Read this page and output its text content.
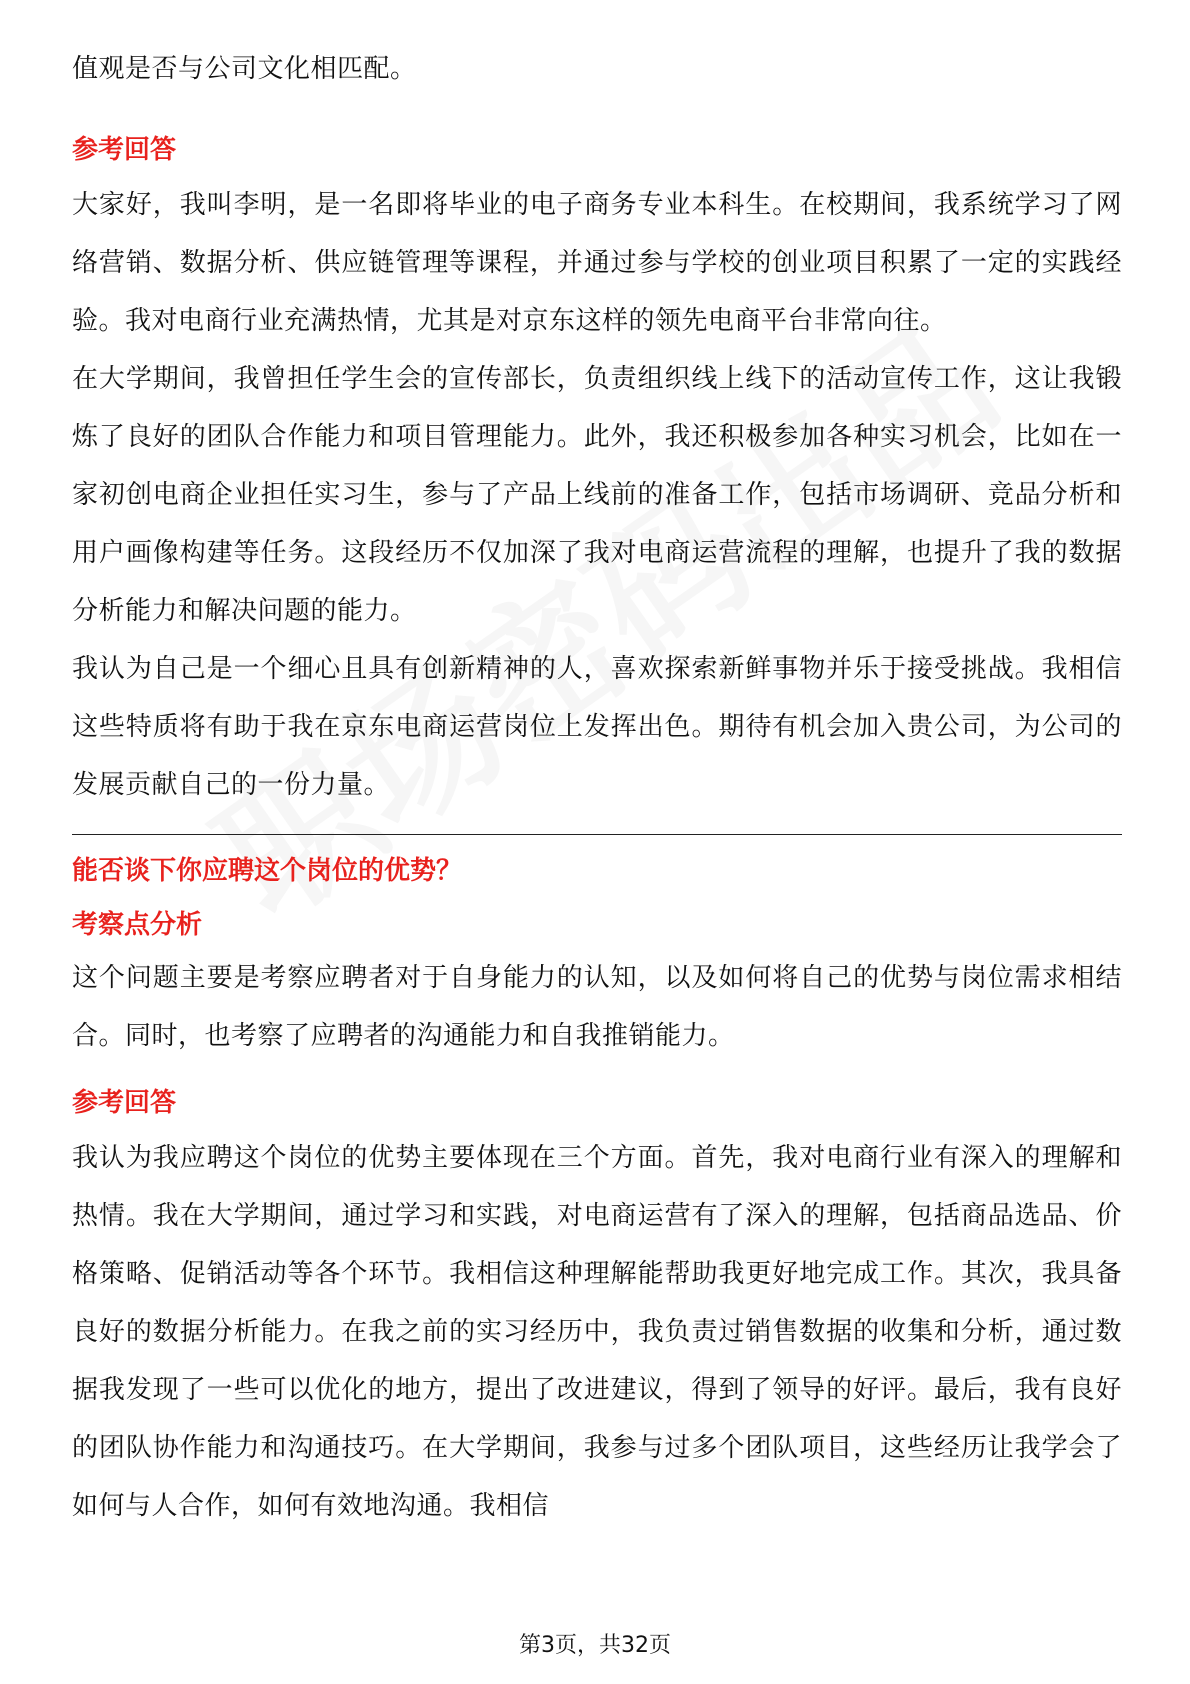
值观是否与公司文化相匹配。

参考回答

大家好，我叫李明，是一名即将毕业的电子商务专业本科生。在校期间，我系统学习了网络营销、数据分析、供应链管理等课程，并通过参与学校的创业项目积累了一定的实践经验。我对电商行业充满热情，尤其是对京东这样的领先电商平台非常向往。

在大学期间，我曾担任学生会的宣传部长，负责组织线上线下的活动宣传工作，这让我锻炼了良好的团队合作能力和项目管理能力。此外，我还积极参加各种实习机会，比如在一家初创电商企业担任实习生，参与了产品上线前的准备工作，包括市场调研、竞品分析和用户画像构建等任务。这段经历不仅加深了我对电商运营流程的理解，也提升了我的数据分析能力和解决问题的能力。

我认为自己是一个细心且具有创新精神的人，喜欢探索新鲜事物并乐于接受挑战。我相信这些特质将有助于我在京东电商运营岗位上发挥出色。期待有机会加入贵公司，为公司的发展贡献自己的一份力量。

能否谈下你应聘这个岗位的优势？

考察点分析

这个问题主要是考察应聘者对于自身能力的认知，以及如何将自己的优势与岗位需求相结合。同时，也考察了应聘者的沟通能力和自我推销能力。

参考回答

我认为我应聘这个岗位的优势主要体现在三个方面。首先，我对电商行业有深入的理解和热情。我在大学期间，通过学习和实践，对电商运营有了深入的理解，包括商品选品、价格策略、促销活动等各个环节。我相信这种理解能帮助我更好地完成工作。其次，我具备良好的数据分析能力。在我之前的实习经历中，我负责过销售数据的收集和分析，通过数据我发现了一些可以优化的地方，提出了改进建议，得到了领导的好评。最后，我有良好的团队协作能力和沟通技巧。在大学期间，我参与过多个团队项目，这些经历让我学会了如何与人合作，如何有效地沟通。我相信

第3页，共32页
